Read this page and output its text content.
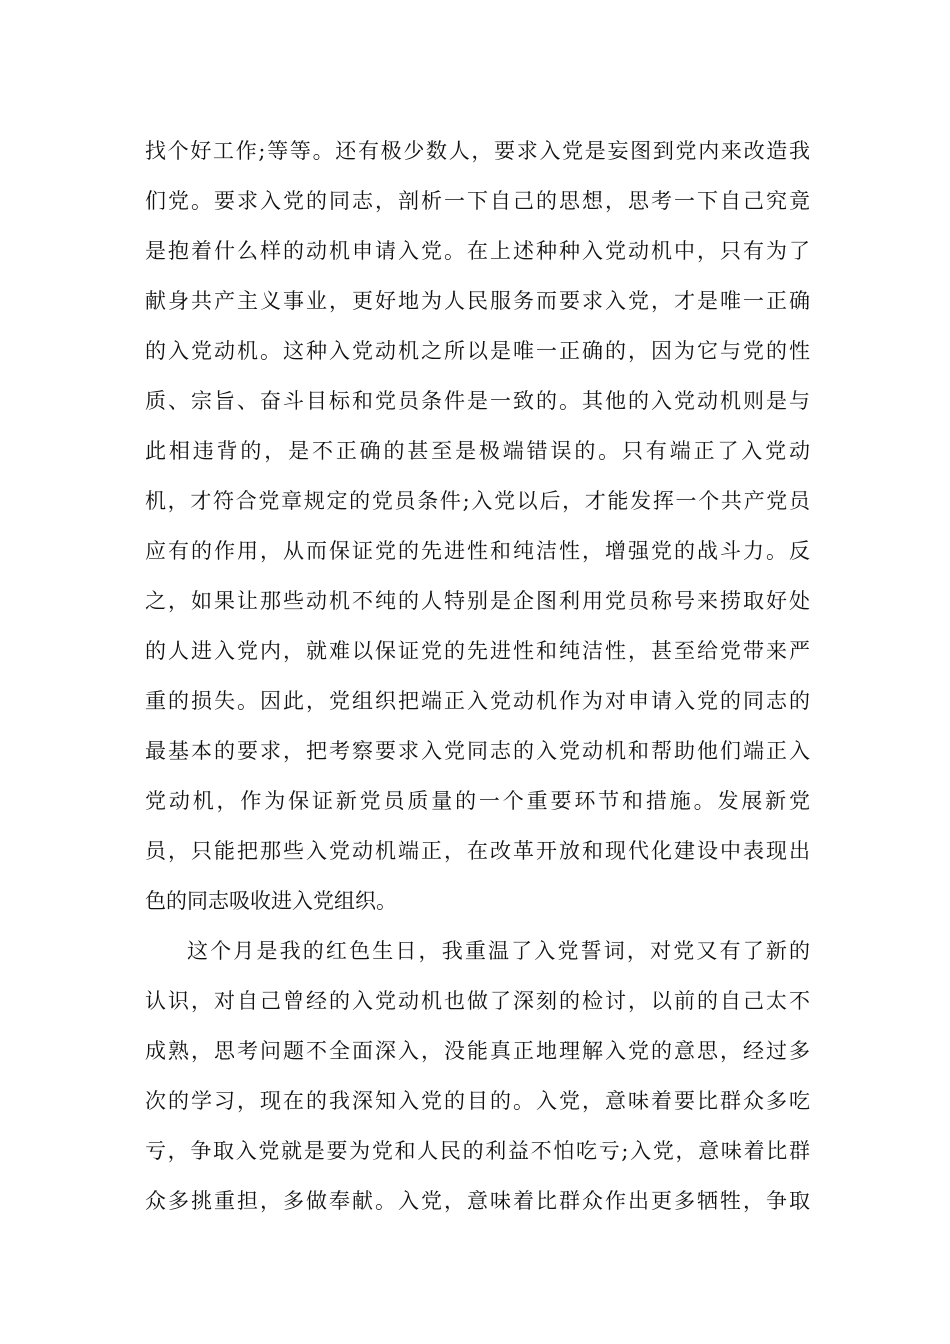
找个好工作;等等。还有极少数人，要求入党是妄图到党内来改造我
们党。要求入党的同志，剖析一下自己的思想，思考一下自己究竟
是抱着什么样的动机申请入党。在上述种种入党动机中，只有为了
献身共产主义事业，更好地为人民服务而要求入党，才是唯一正确
的入党动机。这种入党动机之所以是唯一正确的，因为它与党的性
质、宗旨、奋斗目标和党员条件是一致的。其他的入党动机则是与
此相违背的，是不正确的甚至是极端错误的。只有端正了入党动
机，才符合党章规定的党员条件;入党以后，才能发挥一个共产党员
应有的作用，从而保证党的先进性和纯洁性，增强党的战斗力。反
之，如果让那些动机不纯的人特别是企图利用党员称号来捞取好处
的人进入党内，就难以保证党的先进性和纯洁性，甚至给党带来严
重的损失。因此，党组织把端正入党动机作为对申请入党的同志的
最基本的要求，把考察要求入党同志的入党动机和帮助他们端正入
党动机，作为保证新党员质量的一个重要环节和措施。发展新党
员，只能把那些入党动机端正，在改革开放和现代化建设中表现出
色的同志吸收进入党组织。
这个月是我的红色生日，我重温了入党誓词，对党又有了新的
认识，对自己曾经的入党动机也做了深刻的检讨，以前的自己太不
成熟，思考问题不全面深入，没能真正地理解入党的意思，经过多
次的学习，现在的我深知入党的目的。入党，意味着要比群众多吃
亏，争取入党就是要为党和人民的利益不怕吃亏;入党，意味着比群
众多挑重担，多做奉献。入党，意味着比群众作出更多牺牲，争取
